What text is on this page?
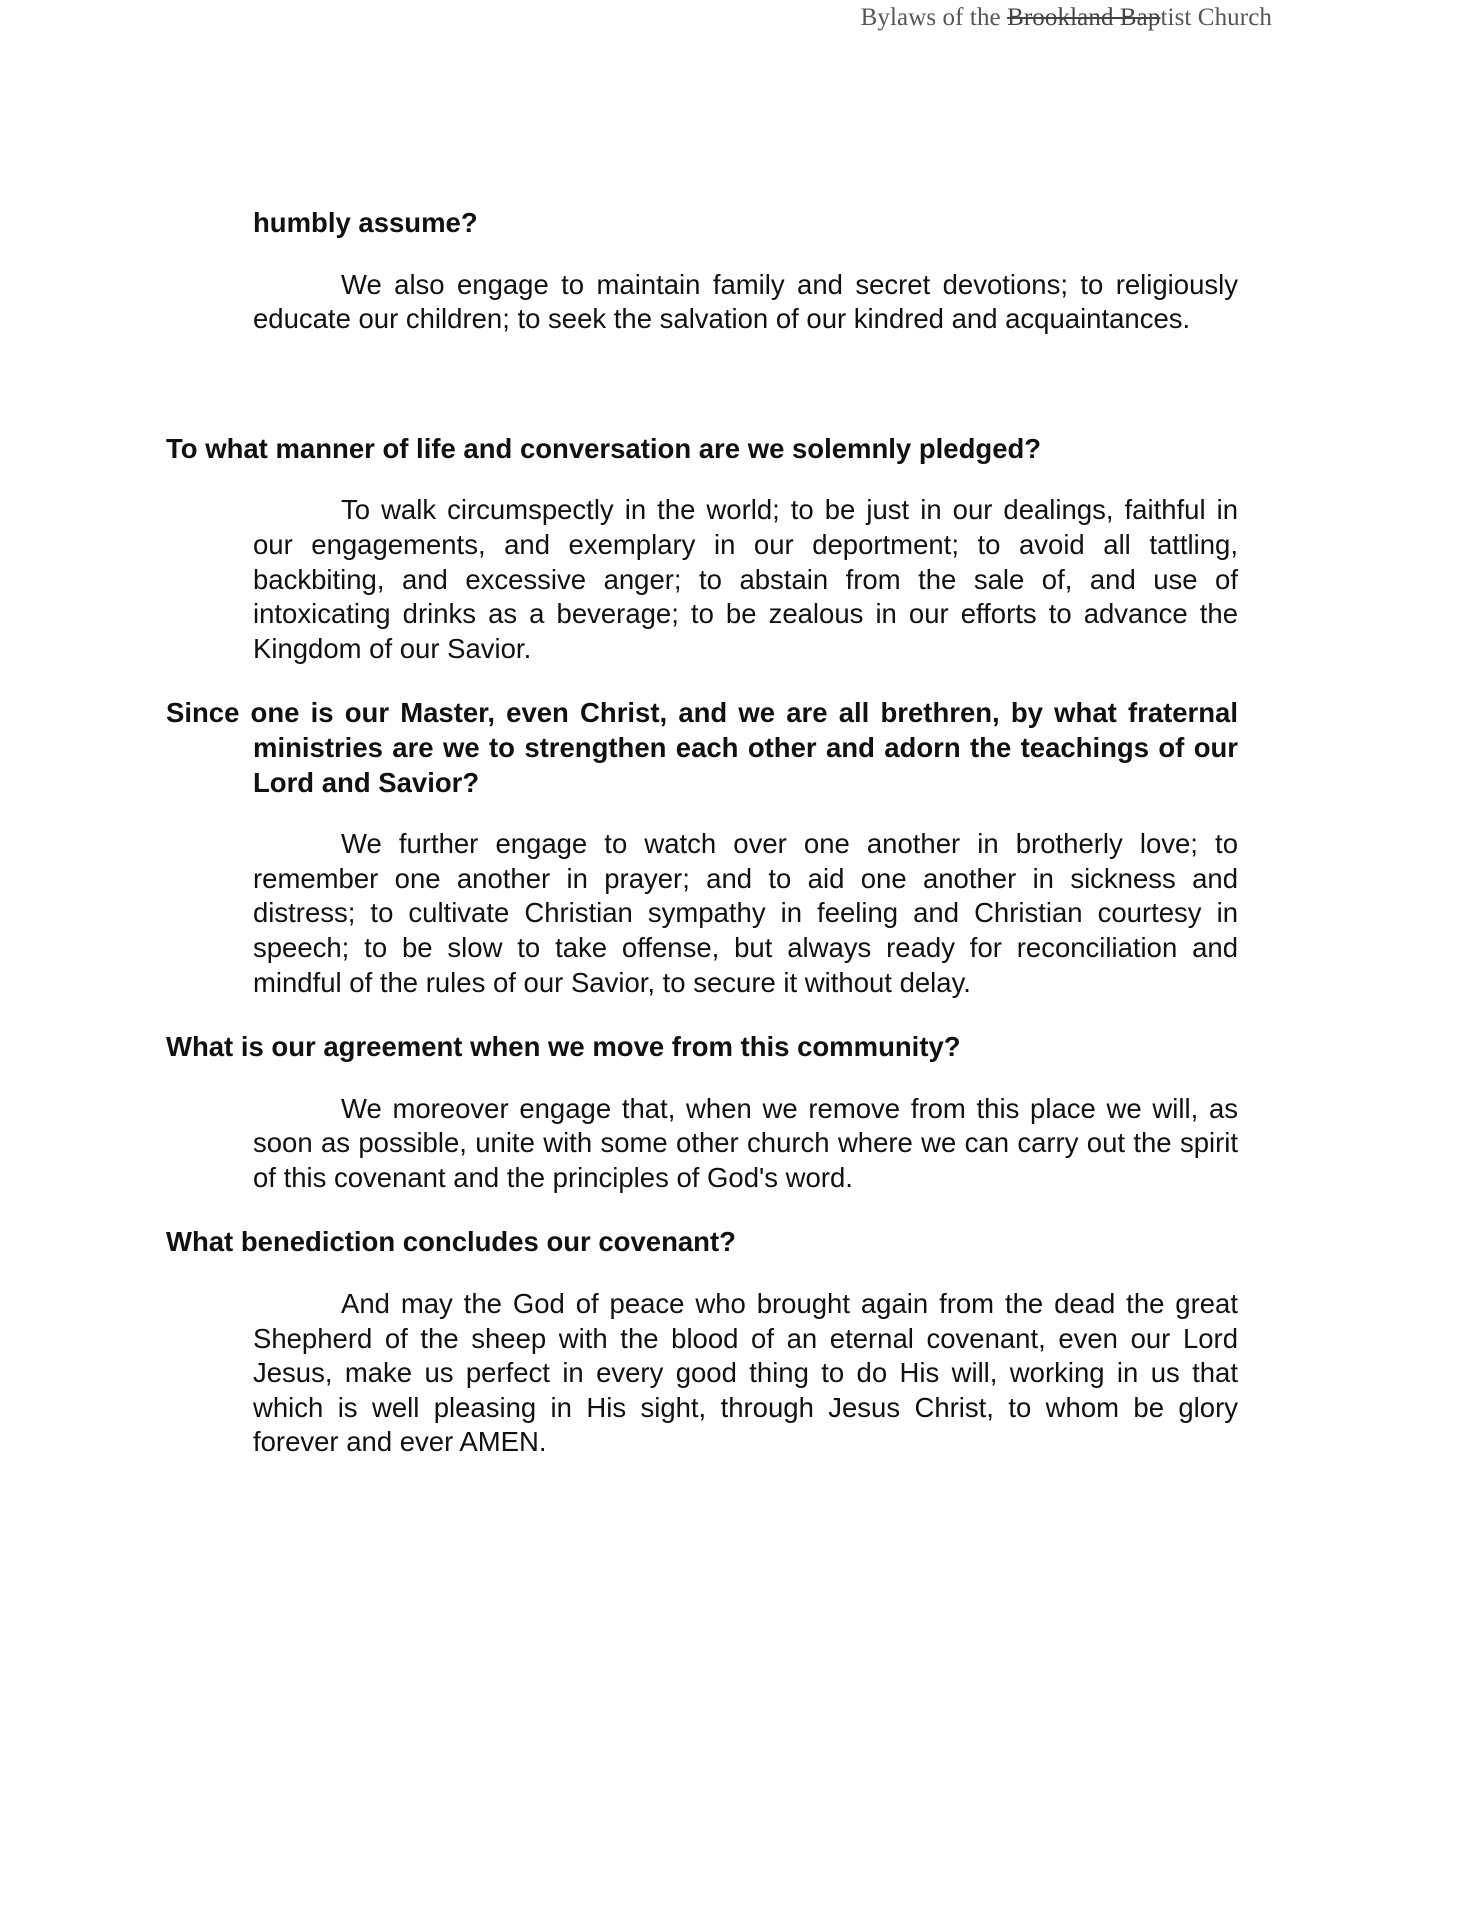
Bylaws of the Brookland Baptist Church

humbly assume?

We also engage to maintain family and secret devotions; to religiously educate our children; to seek the salvation of our kindred and acquaintances.

To what manner of life and conversation are we solemnly pledged?

To walk circumspectly in the world; to be just in our dealings, faithful in our engagements, and exemplary in our deportment; to avoid all tattling, backbiting, and excessive anger; to abstain from the sale of, and use of intoxicating drinks as a beverage; to be zealous in our efforts to advance the Kingdom of our Savior.

Since one is our Master, even Christ, and we are all brethren, by what fraternal ministries are we to strengthen each other and adorn the teachings of our Lord and Savior?

We further engage to watch over one another in brotherly love; to remember one another in prayer; and to aid one another in sickness and distress; to cultivate Christian sympathy in feeling and Christian courtesy in speech; to be slow to take offense, but always ready for reconciliation and mindful of the rules of our Savior, to secure it without delay.

What is our agreement when we move from this community?

We moreover engage that, when we remove from this place we will, as soon as possible, unite with some other church where we can carry out the spirit of this covenant and the principles of God's word.

What benediction concludes our covenant?

And may the God of peace who brought again from the dead the great Shepherd of the sheep with the blood of an eternal covenant, even our Lord Jesus, make us perfect in every good thing to do His will, working in us that which is well pleasing in His sight, through Jesus Christ, to whom be glory forever and ever AMEN.
